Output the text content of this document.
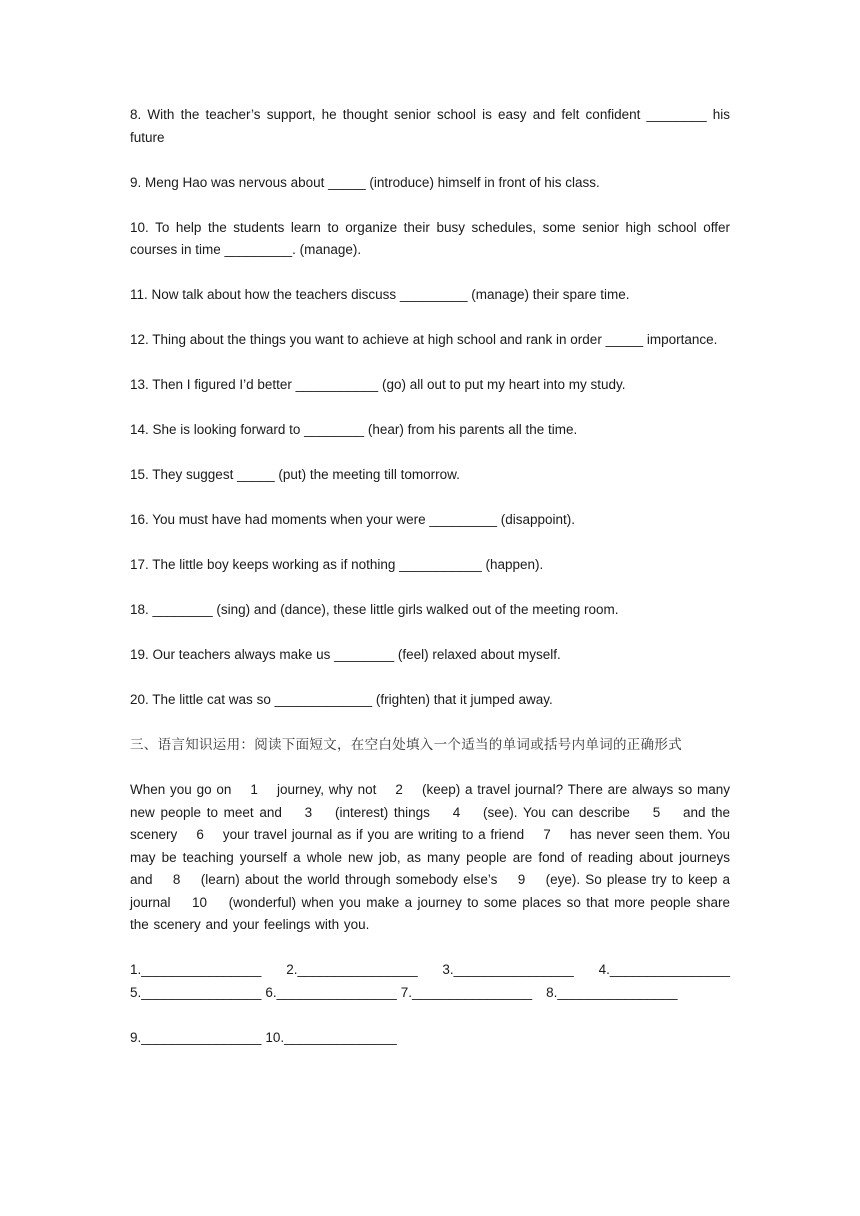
8. With the teacher’s support, he thought senior school is easy and felt confident ________ his future

9. Meng Hao was nervous about _____ (introduce) himself in front of his class.

10. To help the students learn to organize their busy schedules, some senior high school offer courses in time _________. (manage).

11. Now talk about how the teachers discuss _________ (manage) their spare time.

12. Thing about the things you want to achieve at high school and rank in order _____ importance.

13. Then I figured I’d better ___________ (go) all out to put my heart into my study.

14. She is looking forward to ________ (hear) from his parents all the time.

15. They suggest _____ (put) the meeting till tomorrow.

16. You must have had moments when your were _________ (disappoint).

17. The little boy keeps working as if nothing ___________ (happen).

18. ________ (sing) and (dance), these little girls walked out of the meeting room.

19. Our teachers always make us ________ (feel) relaxed about myself.

20. The little cat was so _____________ (frighten) that it jumped away.

三、语言知识运用：阅读下面短文，在空白处填入一个适当的单词或括号内单词的正确形式

When you go on    1    journey, why not    2    (keep) a travel journal? There are always so many new people to meet and    3    (interest) things    4    (see). You can describe    5    and the scenery    6    your travel journal as if you are writing to a friend    7    has never seen them. You may be teaching yourself a whole new job, as many people are fond of reading about journeys and    8    (learn) about the world through somebody else’s    9    (eye). So please try to keep a journal    10    (wonderful) when you make a journey to some places so that more people share the scenery and your feelings with you.

1.________________ 2.________________ 3.________________ 4.________________
5.________________ 6.________________ 7.________________ 8.________________
9.________________ 10._______________
